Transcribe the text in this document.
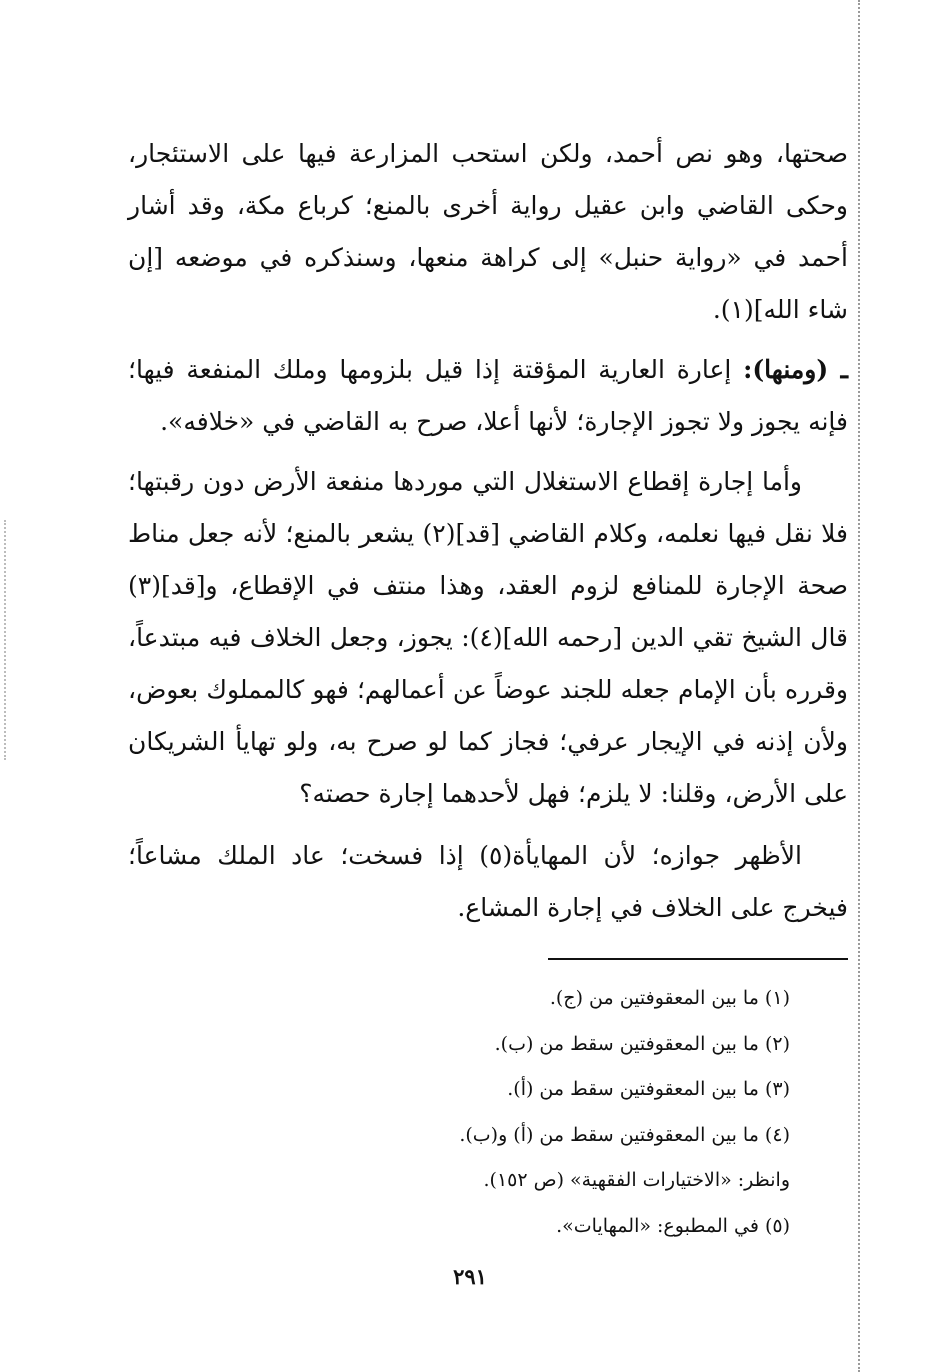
صحتها، وهو نص أحمد، ولكن استحب المزارعة فيها على الاستئجار، وحكى القاضي وابن عقيل رواية أخرى بالمنع؛ كرباع مكة، وقد أشار أحمد في «رواية حنبل» إلى كراهة منعها، وسنذكره في موضعه [إن شاء الله](١).

ـ (ومنها): إعارة العارية المؤقتة إذا قيل بلزومها وملك المنفعة فيها؛ فإنه يجوز ولا تجوز الإجارة؛ لأنها أعلا، صرح به القاضي في «خلافه».

وأما إجارة إقطاع الاستغلال التي موردها منفعة الأرض دون رقبتها؛ فلا نقل فيها نعلمه، وكلام القاضي [قد](٢) يشعر بالمنع؛ لأنه جعل مناط صحة الإجارة للمنافع لزوم العقد، وهذا منتف في الإقطاع، و[قد](٣) قال الشيخ تقي الدين [رحمه الله](٤): يجوز، وجعل الخلاف فيه مبتدعاً، وقرره بأن الإمام جعله للجند عوضاً عن أعمالهم؛ فهو كالمملوك بعوض، ولأن إذنه في الإيجار عرفي؛ فجاز كما لو صرح به، ولو تهايأ الشريكان على الأرض، وقلنا: لا يلزم؛ فهل لأحدهما إجارة حصته؟

الأظهر جوازه؛ لأن المهايأة(٥) إذا فسخت؛ عاد الملك مشاعاً؛ فيخرج على الخلاف في إجارة المشاع.

(١) ما بين المعقوفتين من (ج).

(٢) ما بين المعقوفتين سقط من (ب).

(٣) ما بين المعقوفتين سقط من (أ).

(٤) ما بين المعقوفتين سقط من (أ) و(ب).

وانظر: «الاختيارات الفقهية» (ص ١٥٢).

(٥) في المطبوع: «المهايات».

٢٩١
